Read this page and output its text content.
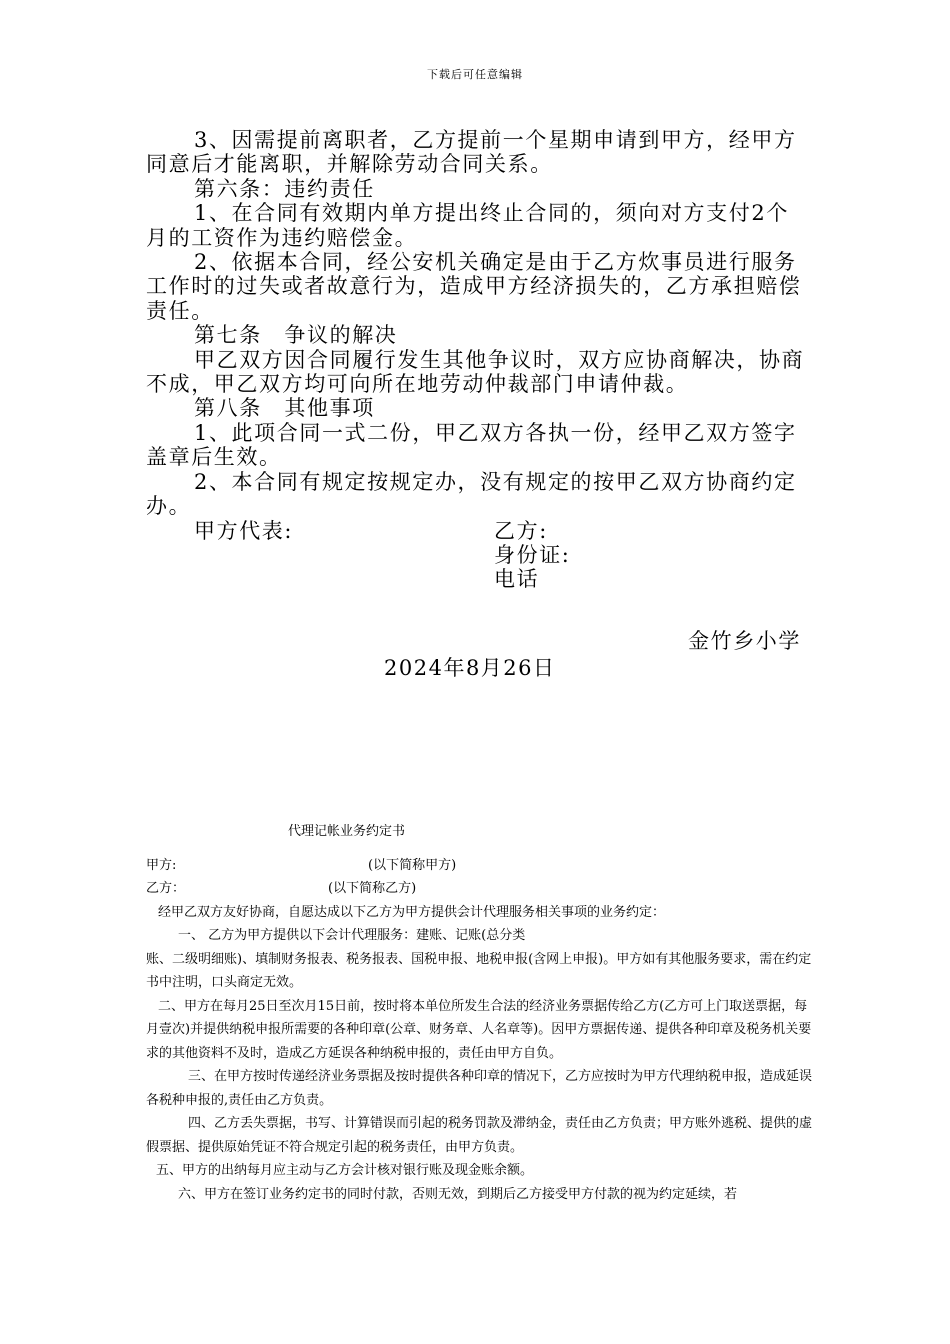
下载后可任意编辑

3、因需提前离职者，乙方提前一个星期申请到甲方，经甲方同意后才能离职，并解除劳动合同关系。

第六条：违约责任

1、在合同有效期内单方提出终止合同的，须向对方支付2个月的工资作为违约赔偿金。

2、依据本合同，经公安机关确定是由于乙方炊事员进行服务工作时的过失或者故意行为，造成甲方经济损失的，乙方承担赔偿责任。

第七条　争议的解决

甲乙双方因合同履行发生其他争议时，双方应协商解决，协商不成，甲乙双方均可向所在地劳动仲裁部门申请仲裁。

第八条　其他事项

1、此项合同一式二份，甲乙双方各执一份，经甲乙双方签字盖章后生效。

2、本合同有规定按规定办，没有规定的按甲乙双方协商约定办。

甲方代表:	乙方:

身份证:

电话

金竹乡小学
2024年8月26日

代理记帐业务约定书

甲方:	(以下简称甲方)

乙方：	(以下简称乙方)

经甲乙双方友好协商，自愿达成以下乙方为甲方提供会计代理服务相关事项的业务约定：

一、 乙方为甲方提供以下会计代理服务：建账、记账(总分类

账、二级明细账)、填制财务报表、税务报表、国税申报、地税申报(含网上申报)。甲方如有其他服务要求，需在约定书中注明，口头商定无效。

二、甲方在每月25日至次月15日前，按时将本单位所发生合法的经济业务票据传给乙方(乙方可上门取送票据，每月壹次)并提供纳税申报所需要的各种印章(公章、财务章、人名章等)。因甲方票据传递、提供各种印章及税务机关要求的其他资料不及时，造成乙方延误各种纳税申报的，责任由甲方自负。

三、在甲方按时传递经济业务票据及按时提供各种印章的情况下，乙方应按时为甲方代理纳税申报，造成延误各税种申报的,责任由乙方负责。

四、乙方丢失票据，书写、计算错误而引起的税务罚款及滞纳金，责任由乙方负责；甲方账外逃税、提供的虚假票据、提供原始凭证不符合规定引起的税务责任，由甲方负责。

五、甲方的出纳每月应主动与乙方会计核对银行账及现金账余额。

六、甲方在签订业务约定书的同时付款，否则无效，到期后乙方接受甲方付款的视为约定延续，若
